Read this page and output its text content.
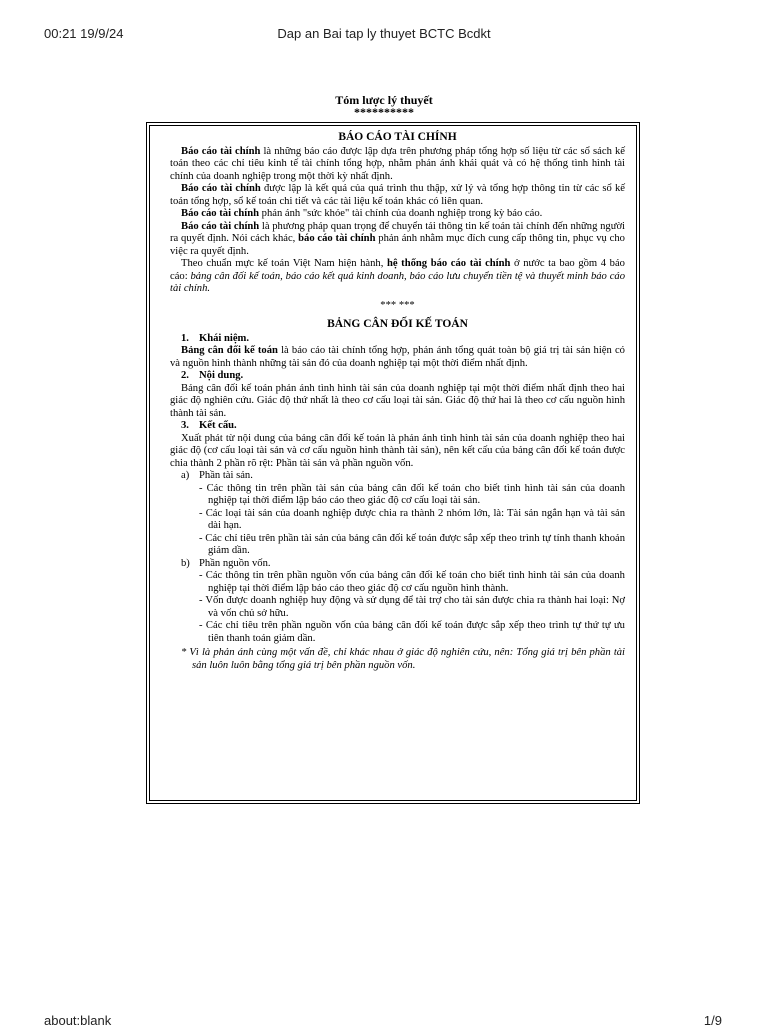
00:21 19/9/24	Dap an Bai tap ly thuyet BCTC Bcdkt
Tóm lược lý thuyết
**********
BÁO CÁO TÀI CHÍNH

Báo cáo tài chính là những báo cáo được lập dựa trên phương pháp tổng hợp số liệu từ các sổ sách kế toán theo các chỉ tiêu kinh tế tài chính tổng hợp, nhằm phản ánh khái quát và có hệ thống tình hình tài chính của doanh nghiệp trong một thời kỳ nhất định.

Báo cáo tài chính được lập là kết quả của quá trình thu thập, xử lý và tổng hợp thông tin từ các sổ kế toán tổng hợp, sổ kế toán chi tiết và các tài liệu kế toán khác có liên quan.

Báo cáo tài chính phản ánh "sức khỏe" tài chính của doanh nghiệp trong kỳ báo cáo.

Báo cáo tài chính là phương pháp quan trọng để chuyển tải thông tin kế toán tài chính đến những người ra quyết định. Nói cách khác, báo cáo tài chính phản ánh nhằm mục đích cung cấp thông tin, phục vụ cho việc ra quyết định.

Theo chuẩn mực kế toán Việt Nam hiện hành, hệ thống báo cáo tài chính ở nước ta bao gồm 4 báo cáo: bảng cân đối kế toán, báo cáo kết quả kinh doanh, báo cáo lưu chuyển tiền tệ và thuyết minh báo cáo tài chính.

*** ***
BẢNG CÂN ĐỐI KẾ TOÁN

1. Khái niệm.

Bảng cân đối kế toán là báo cáo tài chính tổng hợp, phản ánh tổng quát toàn bộ giá trị tài sản hiện có và nguồn hình thành những tài sản đó của doanh nghiệp tại một thời điểm nhất định.

2. Nội dung.

Bảng cân đối kế toán phản ánh tình hình tài sản của doanh nghiệp tại một thời điểm nhất định theo hai giác độ nghiên cứu. Giác độ thứ nhất là theo cơ cấu loại tài sản. Giác độ thứ hai là theo cơ cấu nguồn hình thành tài sản.

3. Kết cấu.

Xuất phát từ nội dung của bảng cân đối kế toán là phản ánh tình hình tài sản của doanh nghiệp theo hai giác độ (cơ cấu loại tài sản và cơ cấu nguồn hình thành tài sản), nên kết cấu của bảng cân đối kế toán được chia thành 2 phần rõ rệt: Phần tài sản và phần nguồn vốn.

a) Phần tài sản.

- Các thông tin trên phần tài sản của bảng cân đối kế toán cho biết tình hình tài sản của doanh nghiệp tại thời điểm lập báo cáo theo giác độ cơ cấu loại tài sản.

- Các loại tài sản của doanh nghiệp được chia ra thành 2 nhóm lớn, là: Tài sản ngắn hạn và tài sản dài hạn.

- Các chỉ tiêu trên phần tài sản của bảng cân đối kế toán được sắp xếp theo trình tự tính thanh khoản giảm dần.

b) Phần nguồn vốn.

- Các thông tin trên phần nguồn vốn của bảng cân đối kế toán cho biết tình hình tài sản của doanh nghiệp tại thời điểm lập báo cáo theo giác độ cơ cấu nguồn hình thành.

- Vốn được doanh nghiệp huy động và sử dụng để tài trợ cho tài sản được chia ra thành hai loại: Nợ và vốn chủ sở hữu.

- Các chỉ tiêu trên phần nguồn vốn của bảng cân đối kế toán được sắp xếp theo trình tự thứ tự ưu tiên thanh toán giảm dần.

* Vì là phản ánh cùng một vấn đề, chỉ khác nhau ở giác độ nghiên cứu, nên: Tổng giá trị bên phần tài sản luôn luôn bằng tổng giá trị bên phần nguồn vốn.

about:blank	1/9
